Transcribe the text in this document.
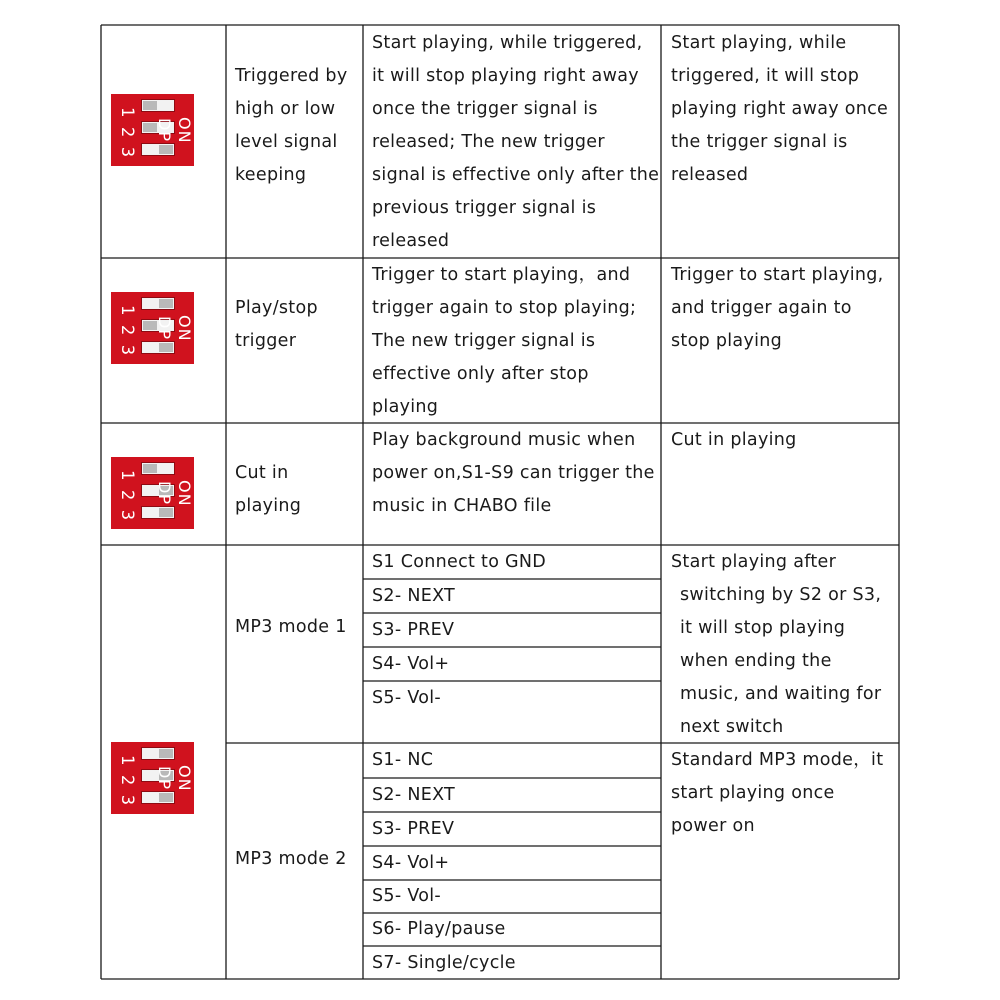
1
2
3
ON DP
Triggered by
high or low
level signal
keeping
Start playing, while triggered,
it will stop playing right away
once the trigger signal is
released; The new trigger
signal is effective only after the
previous trigger signal is
released
Start playing, while
triggered, it will stop
playing right away once
the trigger signal is
released
1
2
3
ON DP
Play/stop
trigger
Trigger to start playing，and
trigger again to stop playing;
The new trigger signal is
effective only after stop
playing
Trigger to start playing,
and trigger again to
stop playing
1
2
3
ON DP
Cut in
playing
Play background music when
power on,S1-S9 can trigger the
music in CHABO file
Cut in playing
1
2
3
ON DP
MP3 mode 1
S1 Connect to GND
S2- NEXT
S3- PREV
S4- Vol+
S5- Vol-
Start playing after
switching by S2 or S3,
it will stop playing
when ending the
music, and waiting for
next switch
MP3 mode 2
S1- NC
S2- NEXT
S3- PREV
S4- Vol+
S5- Vol-
S6- Play/pause
S7- Single/cycle
Standard MP3 mode，it
start playing once
power on
